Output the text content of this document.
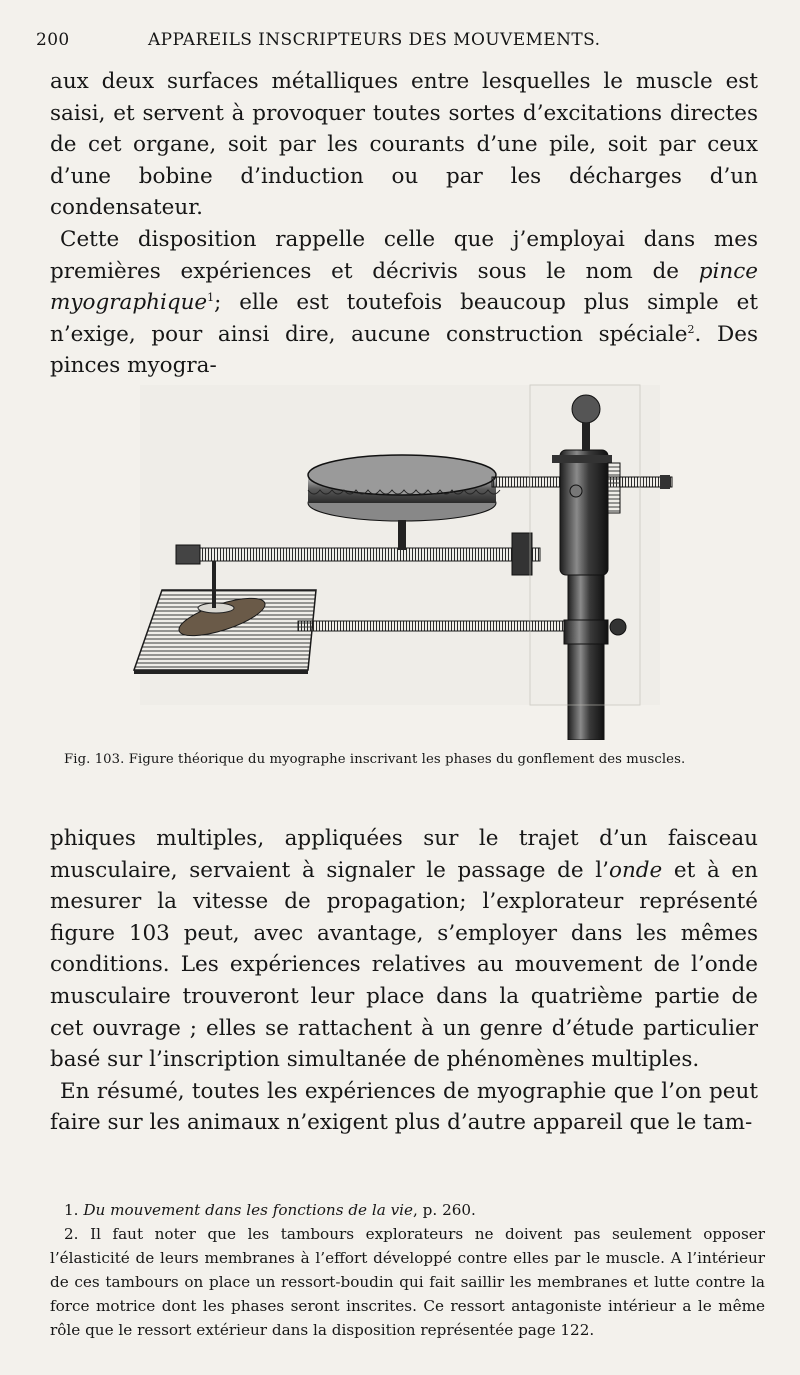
200	APPAREILS INSCRIPTEURS DES MOUVEMENTS.

aux deux surfaces métalliques entre lesquelles le muscle est saisi, et servent à provoquer toutes sortes d’excitations directes de cet organe, soit par les courants d’une pile, soit par ceux d’une bobine d’induction ou par les décharges d’un condensateur.

Cette disposition rappelle celle que j’employai dans mes premières expériences et décrivis sous le nom de pince myographique$^1$; elle est toutefois beaucoup plus simple et n’exige, pour ainsi dire, aucune construction spéciale$^2$. Des pinces myogra-

Fig. 103. Figure théorique du myographe inscrivant les phases du gonflement des muscles.

phiques multiples, appliquées sur le trajet d’un faisceau musculaire, servaient à signaler le passage de l’onde et à en mesurer la vitesse de propagation; l’explorateur représenté figure 103 peut, avec avantage, s’employer dans les mêmes conditions. Les expériences relatives au mouvement de l’onde musculaire trouveront leur place dans la quatrième partie de cet ouvrage ; elles se rattachent à un genre d’étude particulier basé sur l’inscription simultanée de phénomènes multiples.

En résumé, toutes les expériences de myographie que l’on peut faire sur les animaux n’exigent plus d’autre appareil que le tam-

1. Du mouvement dans les fonctions de la vie, p. 260.

2. Il faut noter que les tambours explorateurs ne doivent pas seulement opposer l’élasticité de leurs membranes à l’effort développé contre elles par le muscle. A l’intérieur de ces tambours on place un ressort-boudin qui fait saillir les membranes et lutte contre la force motrice dont les phases seront inscrites. Ce ressort antagoniste intérieur a le même rôle que le ressort extérieur dans la disposition représentée page 122.
